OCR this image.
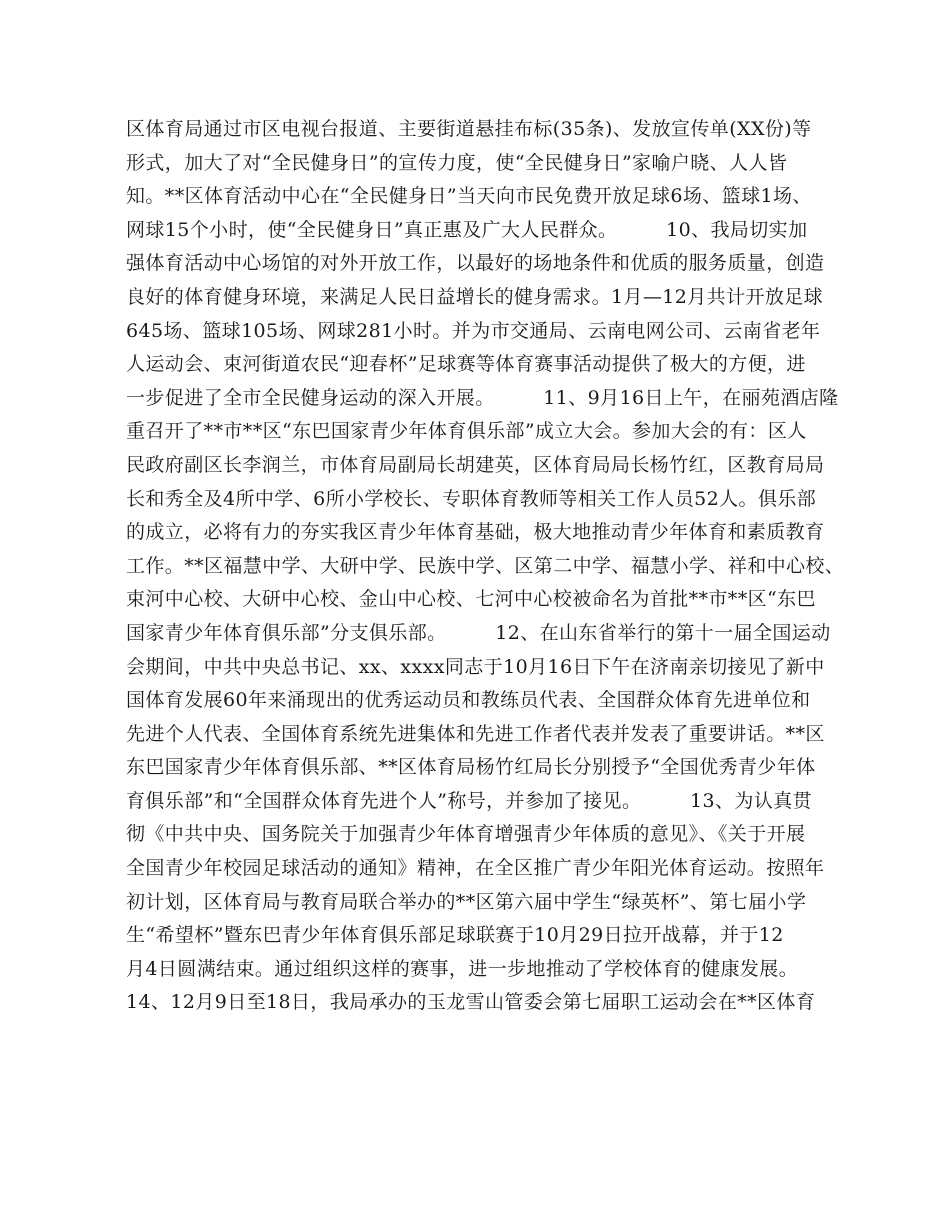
区体育局通过市区电视台报道、主要街道悬挂布标(35条)、发放宣传单(XX份)等
形式，加大了对“全民健身日”的宣传力度，使“全民健身日”家喻户晓、人人皆
知。**区体育活动中心在“全民健身日”当天向市民免费开放足球6场、篮球1场、
网球15个小时，使“全民健身日”真正惠及广大人民群众。　　　10、我局切实加
强体育活动中心场馆的对外开放工作，以最好的场地条件和优质的服务质量，创造
良好的体育健身环境，来满足人民日益增长的健身需求。1月—12月共计开放足球
645场、篮球105场、网球281小时。并为市交通局、云南电网公司、云南省老年
人运动会、束河街道农民“迎春杯”足球赛等体育赛事活动提供了极大的方便，进
一步促进了全市全民健身运动的深入开展。　　　11、9月16日上午，在丽苑酒店隆
重召开了**市**区“东巴国家青少年体育俱乐部”成立大会。参加大会的有：区人
民政府副区长李润兰，市体育局副局长胡建英，区体育局局长杨竹红，区教育局局
长和秀全及4所中学、6所小学校长、专职体育教师等相关工作人员52人。俱乐部
的成立，必将有力的夯实我区青少年体育基础，极大地推动青少年体育和素质教育
工作。**区福慧中学、大研中学、民族中学、区第二中学、福慧小学、祥和中心校、
束河中心校、大研中心校、金山中心校、七河中心校被命名为首批**市**区“东巴
国家青少年体育俱乐部”分支俱乐部。　　　12、在山东省举行的第十一届全国运动
会期间，中共中央总书记、xx、xxxx同志于10月16日下午在济南亲切接见了新中
国体育发展60年来涌现出的优秀运动员和教练员代表、全国群众体育先进单位和
先进个人代表、全国体育系统先进集体和先进工作者代表并发表了重要讲话。**区
东巴国家青少年体育俱乐部、**区体育局杨竹红局长分别授予“全国优秀青少年体
育俱乐部”和“全国群众体育先进个人”称号，并参加了接见。　　　13、为认真贯
彻《中共中央、国务院关于加强青少年体育增强青少年体质的意见》、《关于开展
全国青少年校园足球活动的通知》精神，在全区推广青少年阳光体育运动。按照年
初计划，区体育局与教育局联合举办的**区第六届中学生“绿英杯”、第七届小学
生“希望杯”暨东巴青少年体育俱乐部足球联赛于10月29日拉开战幕，并于12
月4日圆满结束。通过组织这样的赛事，进一步地推动了学校体育的健康发展。
14、12月9日至18日，我局承办的玉龙雪山管委会第七届职工运动会在**区体育
